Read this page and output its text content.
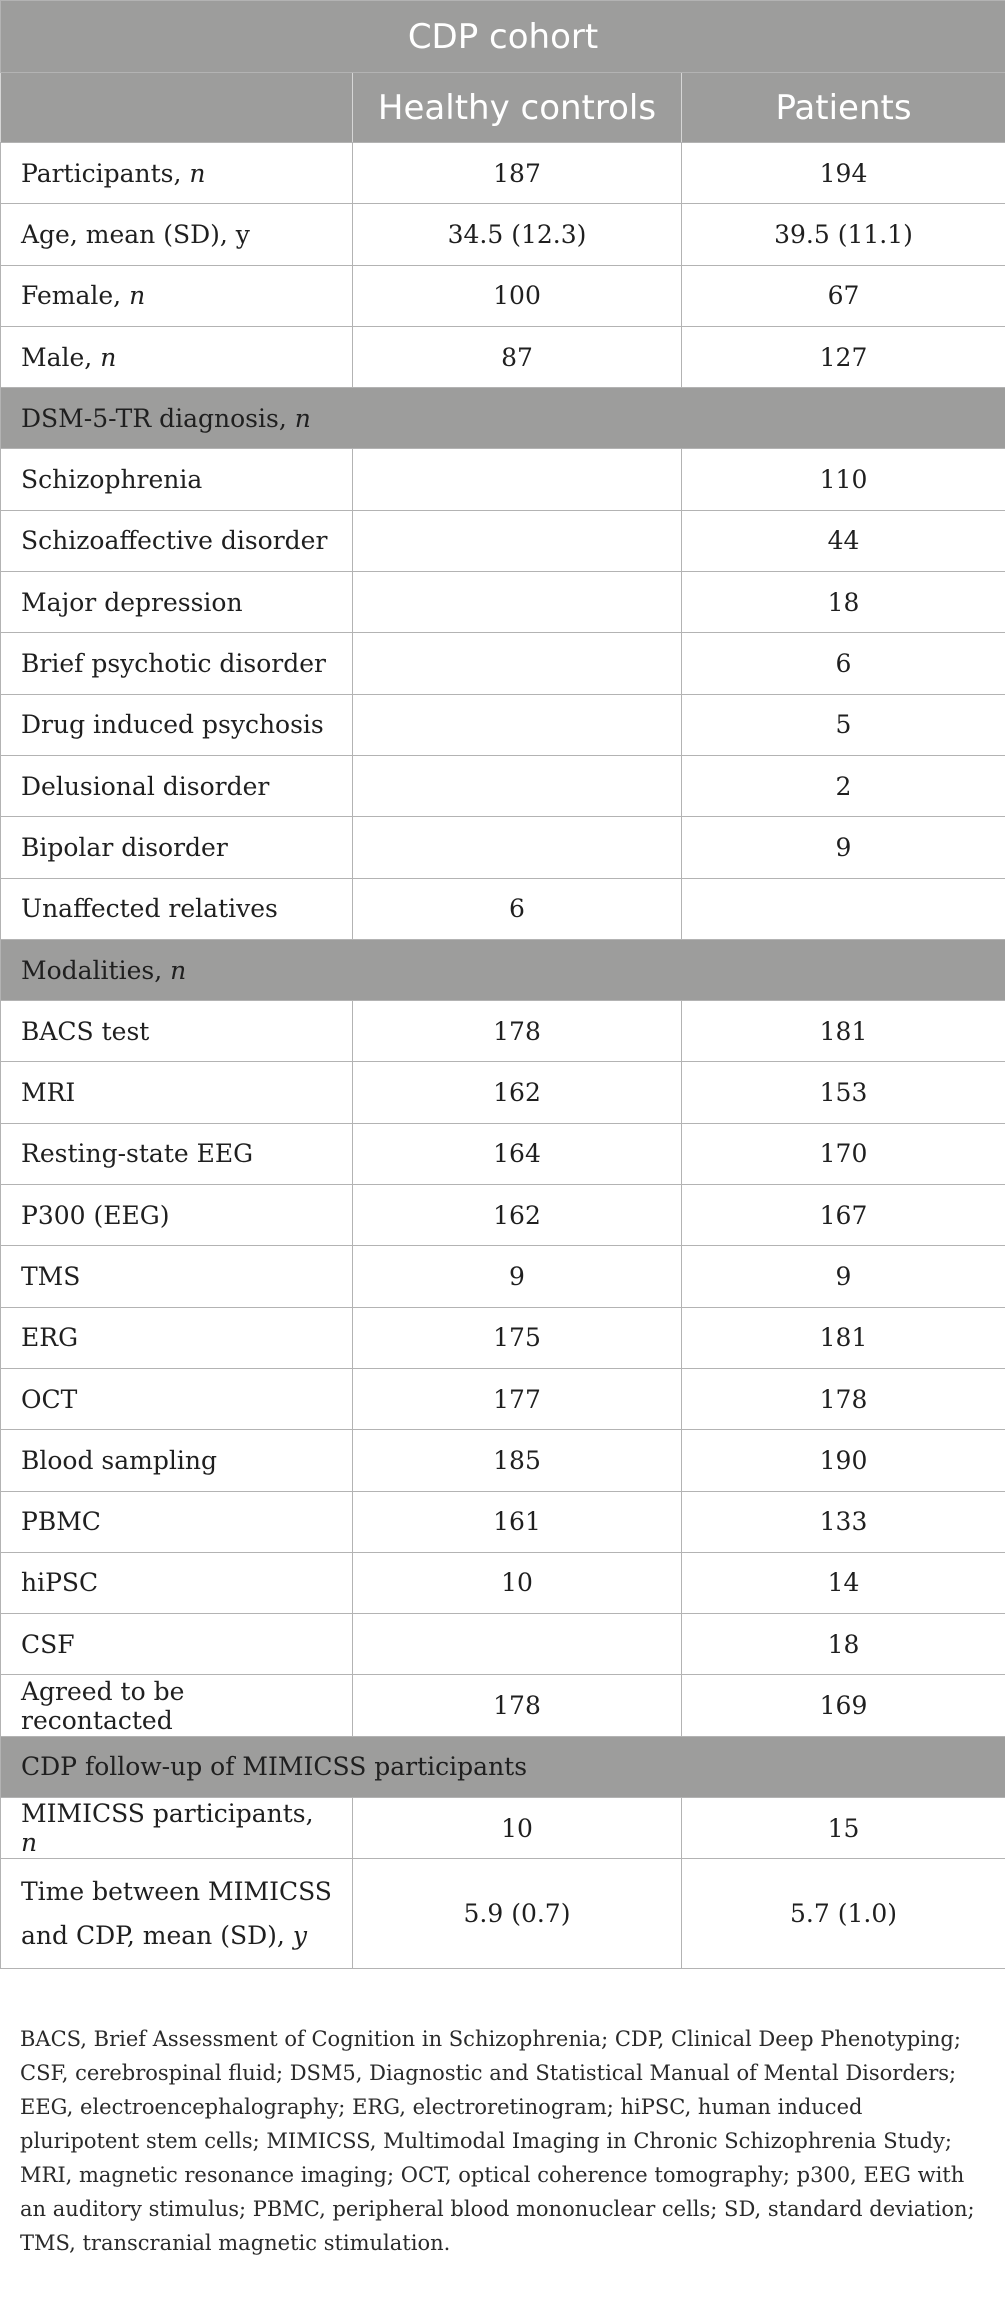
CDP cohort		
	Healthy controls	Patients
Participants, n	187	194
Age, mean (SD), y	34.5 (12.3)	39.5 (11.1)
Female, n	100	67
Male, n	87	127
DSM-5-TR diagnosis, n		
Schizophrenia		110
Schizoaffective disorder		44
Major depression		18
Brief psychotic disorder		6
Drug induced psychosis		5
Delusional disorder		2
Bipolar disorder		9
Unaffected relatives	6	
Modalities, n		
BACS test	178	181
MRI	162	153
Resting-state EEG	164	170
P300 (EEG)	162	167
TMS	9	9
ERG	175	181
OCT	177	178
Blood sampling	185	190
PBMC	161	133
hiPSC	10	14
CSF		18
Agreed to be recontacted	178	169
CDP follow-up of MIMICSS participants		
MIMICSS participants, n	10	15
Time between MIMICSS and CDP, mean (SD), y	5.9 (0.7)	5.7 (1.0)
BACS, Brief Assessment of Cognition in Schizophrenia; CDP, Clinical Deep Phenotyping; CSF, cerebrospinal fluid; DSM5, Diagnostic and Statistical Manual of Mental Disorders; EEG, electroencephalography; ERG, electroretinogram; hiPSC, human induced pluripotent stem cells; MIMICSS, Multimodal Imaging in Chronic Schizophrenia Study; MRI, magnetic resonance imaging; OCT, optical coherence tomography; p300, EEG with an auditory stimulus; PBMC, peripheral blood mononuclear cells; SD, standard deviation; TMS, transcranial magnetic stimulation.
